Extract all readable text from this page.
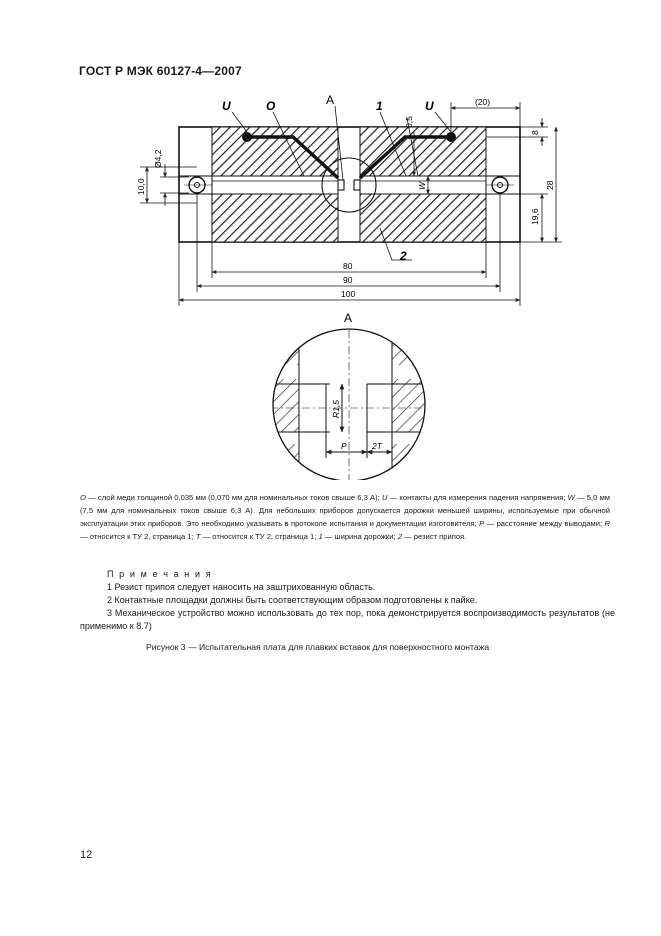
ГОСТ Р МЭК 60127-4—2007
U	O	A	1	U
2
(20)
8
28
19,6
10,0
Ø4,2
0,5
W
80
90
100
A
R1,5
P	2T
O — слой меди толщиной 0,035 мм (0,070 мм для номинальных токов свыше 6,3 А); U — контакты для измерения падения напряжения; W — 5,0 мм (7,5 мм для номинальных токов свыше 6,3 А). Для небольших приборов допускается дорожки меньшей ширины, используемые при обычной эксплуатации этих приборов. Это необходимо указывать в протоколе испытания и документации изготовителя; P — расстояние между выводами; R — относится к ТУ 2, страница 1; T — относится к ТУ 2, страница 1; 1 — ширина дорожки; 2 — резист припоя.
П р и м е ч а н и я
1 Резист припоя следует наносить на заштрихованную область.
2 Контактные площадки должны быть соответствующим образом подготовлены к пайке.
3 Механическое устройство можно использовать до тех пор, пока демонстрируется воспроизводимость результатов (не применимо к 8.7)
Рисунок 3 — Испытательная плата для плавких вставок для поверхностного монтажа
12
